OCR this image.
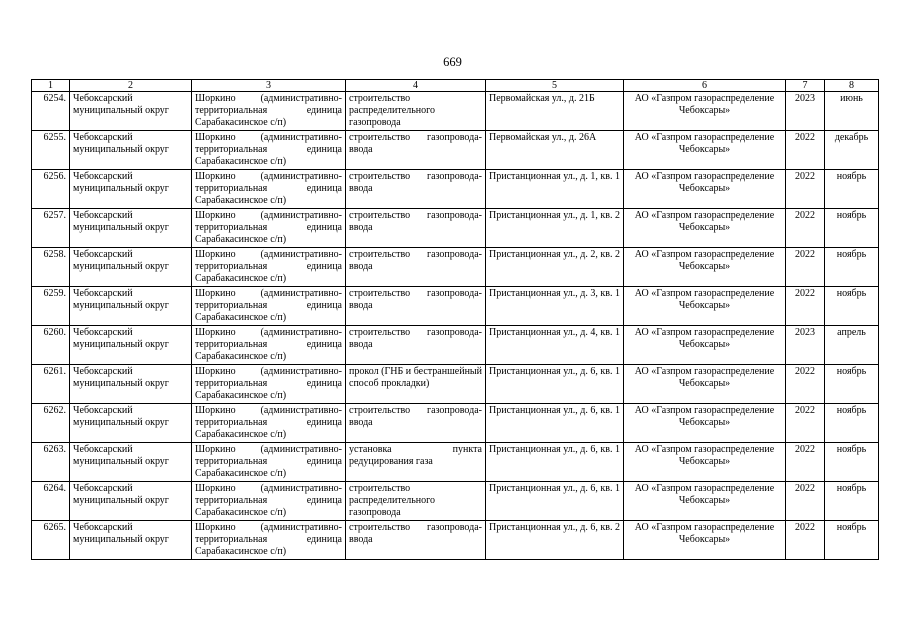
669
1	2	3	4	5	6	7	8
6254.	Чебоксарский муниципальный округ	Шоркино (административно-территориальная единица Сарабакасинское с/п)	строительство распределительного газопровода	Первомайская ул., д. 21Б	АО «Газпром газораспределение Чебоксары»	2023	июнь
6255.	Чебоксарский муниципальный округ	Шоркино (административно-территориальная единица Сарабакасинское с/п)	строительство газопровода-ввода	Первомайская ул., д. 26А	АО «Газпром газораспределение Чебоксары»	2022	декабрь
6256.	Чебоксарский муниципальный округ	Шоркино (административно-территориальная единица Сарабакасинское с/п)	строительство газопровода-ввода	Пристанционная ул., д. 1, кв. 1	АО «Газпром газораспределение Чебоксары»	2022	ноябрь
6257.	Чебоксарский муниципальный округ	Шоркино (административно-территориальная единица Сарабакасинское с/п)	строительство газопровода-ввода	Пристанционная ул., д. 1, кв. 2	АО «Газпром газораспределение Чебоксары»	2022	ноябрь
6258.	Чебоксарский муниципальный округ	Шоркино (административно-территориальная единица Сарабакасинское с/п)	строительство газопровода-ввода	Пристанционная ул., д. 2, кв. 2	АО «Газпром газораспределение Чебоксары»	2022	ноябрь
6259.	Чебоксарский муниципальный округ	Шоркино (административно-территориальная единица Сарабакасинское с/п)	строительство газопровода-ввода	Пристанционная ул., д. 3, кв. 1	АО «Газпром газораспределение Чебоксары»	2022	ноябрь
6260.	Чебоксарский муниципальный округ	Шоркино (административно-территориальная единица Сарабакасинское с/п)	строительство газопровода-ввода	Пристанционная ул., д. 4, кв. 1	АО «Газпром газораспределение Чебоксары»	2023	апрель
6261.	Чебоксарский муниципальный округ	Шоркино (административно-территориальная единица Сарабакасинское с/п)	прокол (ГНБ и бестраншейный способ прокладки)	Пристанционная ул., д. 6, кв. 1	АО «Газпром газораспределение Чебоксары»	2022	ноябрь
6262.	Чебоксарский муниципальный округ	Шоркино (административно-территориальная единица Сарабакасинское с/п)	строительство газопровода-ввода	Пристанционная ул., д. 6, кв. 1	АО «Газпром газораспределение Чебоксары»	2022	ноябрь
6263.	Чебоксарский муниципальный округ	Шоркино (административно-территориальная единица Сарабакасинское с/п)	установка пункта редуцирования газа	Пристанционная ул., д. 6, кв. 1	АО «Газпром газораспределение Чебоксары»	2022	ноябрь
6264.	Чебоксарский муниципальный округ	Шоркино (административно-территориальная единица Сарабакасинское с/п)	строительство распределительного газопровода	Пристанционная ул., д. 6, кв. 1	АО «Газпром газораспределение Чебоксары»	2022	ноябрь
6265.	Чебоксарский муниципальный округ	Шоркино (административно-территориальная единица Сарабакасинское с/п)	строительство газопровода-ввода	Пристанционная ул., д. 6, кв. 2	АО «Газпром газораспределение Чебоксары»	2022	ноябрь
